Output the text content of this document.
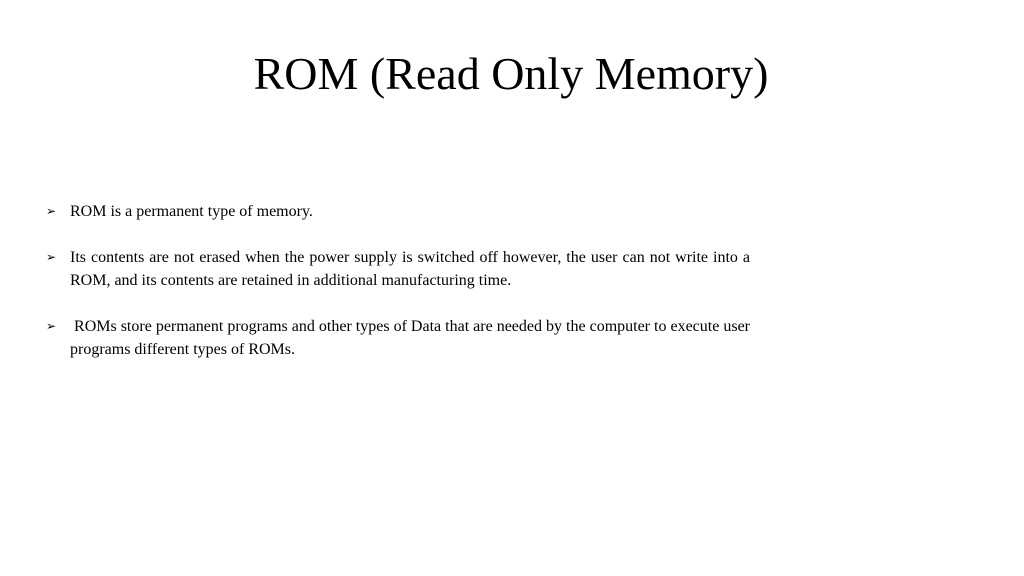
ROM (Read Only Memory)
➢ ROM is a permanent type of memory.
➢ Its contents are not erased when the power supply is switched off however, the user can not write into a ROM, and its contents are retained in additional manufacturing time.
➢ ROMs store permanent programs and other types of Data that are needed by the computer to execute user programs different types of ROMs.
